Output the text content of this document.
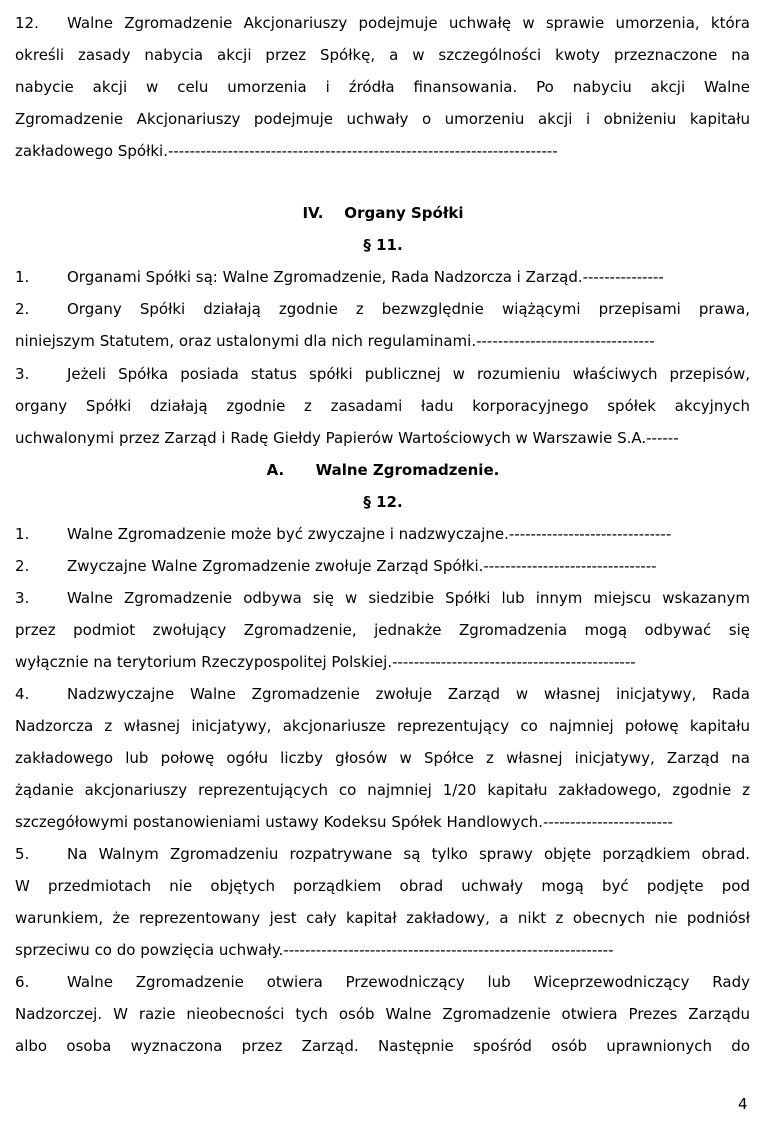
12. Walne Zgromadzenie Akcjonariuszy podejmuje uchwałę w sprawie umorzenia, która
określi zasady nabycia akcji przez Spółkę, a w szczególności kwoty przeznaczone na
nabycie akcji w celu umorzenia i źródła finansowania. Po nabyciu akcji Walne
Zgromadzenie Akcjonariuszy podejmuje uchwały o umorzeniu akcji i obniżeniu kapitału
zakładowego Spółki.------------------------------------------------------------------------
IV.    Organy Spółki
§ 11.
1.	Organami Spółki są: Walne Zgromadzenie, Rada Nadzorcza i Zarząd.---------------
2.	Organy Spółki działają zgodnie z bezwzględnie wiążącymi przepisami prawa,
niniejszym Statutem, oraz ustalonymi dla nich regulaminami.---------------------------------
3.	Jeżeli Spółka posiada status spółki publicznej w rozumieniu właściwych przepisów,
organy Spółki działają zgodnie z zasadami ładu korporacyjnego spółek akcyjnych
uchwalonymi przez Zarząd i Radę Giełdy Papierów Wartościowych w Warszawie S.A.------
A.      Walne Zgromadzenie.
§ 12.
1.	Walne Zgromadzenie może być zwyczajne i nadzwyczajne.------------------------------
2.	Zwyczajne Walne Zgromadzenie zwołuje Zarząd Spółki.--------------------------------
3.	Walne Zgromadzenie odbywa się w siedzibie Spółki lub innym miejscu wskazanym
przez podmiot zwołujący Zgromadzenie, jednakże Zgromadzenia mogą odbywać się
wyłącznie na terytorium Rzeczypospolitej Polskiej.---------------------------------------------
4.	Nadzwyczajne Walne Zgromadzenie zwołuje Zarząd w własnej inicjatywy, Rada
Nadzorcza z własnej inicjatywy, akcjonariusze reprezentujący co najmniej połowę kapitału
zakładowego lub połowę ogółu liczby głosów w Spółce z własnej inicjatywy, Zarząd na
żądanie akcjonariuszy reprezentujących co najmniej 1/20 kapitału zakładowego, zgodnie z
szczegółowymi postanowieniami ustawy Kodeksu Spółek Handlowych.------------------------
5.	Na Walnym Zgromadzeniu rozpatrywane są tylko sprawy objęte porządkiem obrad.
W przedmiotach nie objętych porządkiem obrad uchwały mogą być podjęte pod
warunkiem, że reprezentowany jest cały kapitał zakładowy, a nikt z obecnych nie podniósł
sprzeciwu co do powzięcia uchwały.-------------------------------------------------------------
6.	Walne Zgromadzenie otwiera Przewodniczący lub Wiceprzewodniczący Rady
Nadzorczej. W razie nieobecności tych osób Walne Zgromadzenie otwiera Prezes Zarządu
albo osoba wyznaczona przez Zarząd. Następnie spośród osób uprawnionych do
4
